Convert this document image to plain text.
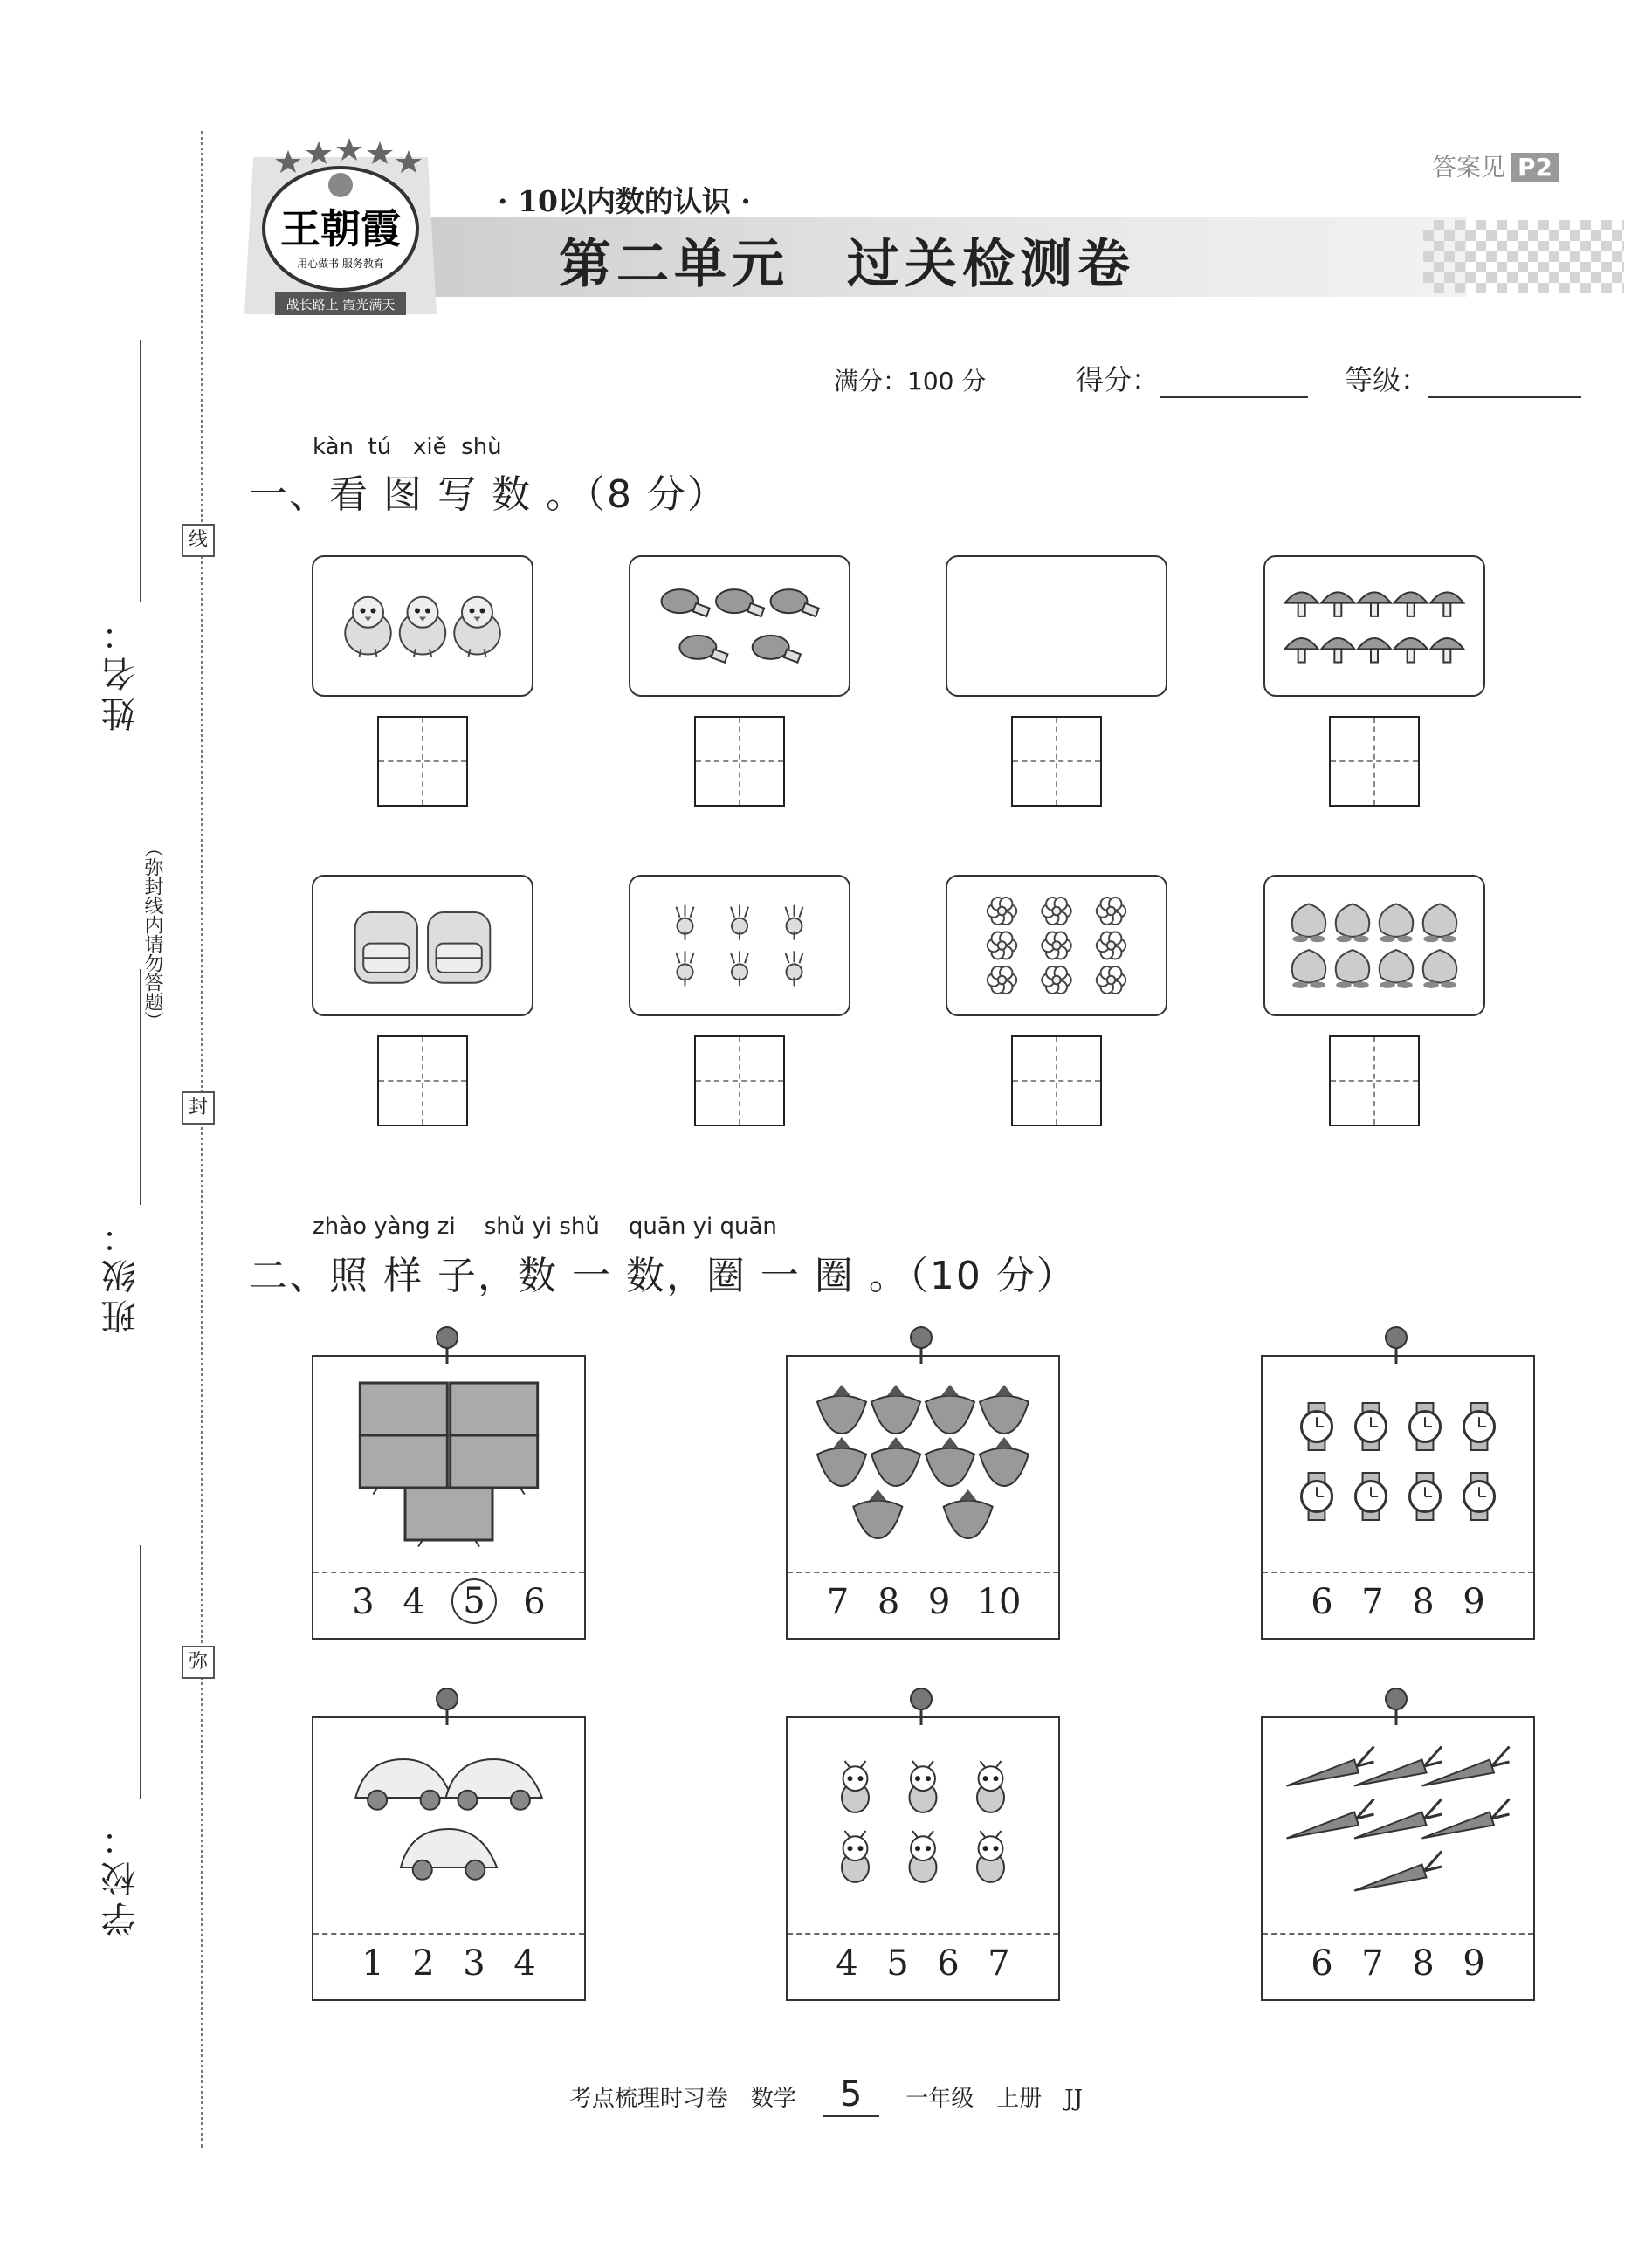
姓名：
班级：
学校：
（弥封线内请勿答题）
线
封
弥
王朝霞
用心做书 服务教育
战长路上 霞光满天
· 10以内数的认识 ·
第二单元　过关检测卷
答案见 P2
满分：100 分	得分：	等级：
kàn  tú   xiě  shù
一、看 图 写 数 。（8 分）
zhào yàng zi    shǔ yi shǔ    quān yi quān
二、照 样 子，数 一 数，圈 一 圈 。（10 分）
3 4	5	6	7 8 9 10	6 7 8 9
1 2 3 4	4 5 6 7	6 7 8 9
考点梳理时习卷　数学 5 一年级　上册　JJ
